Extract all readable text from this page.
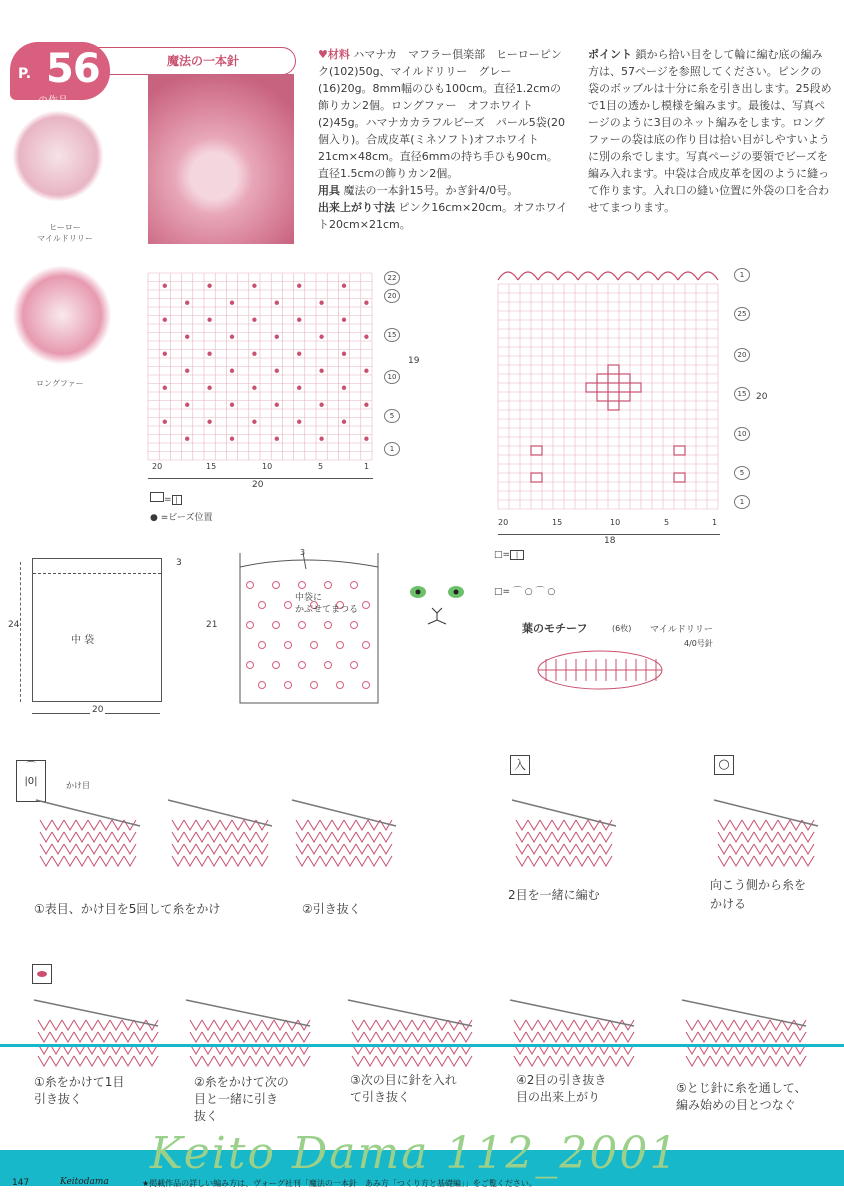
魔法の一本針
P. 56
の作品
ヒーロー
マイルドリリー
ロングファー
♥材料 ハマナカ　マフラー倶楽部　ヒーローピンク(102)50g、マイルドリリー　グレー　(16)20g。8mm幅のひも100cm。直径1.2cmの飾りカン2個。ロングファー　オフホワイト(2)45g。ハマナカカラフルビーズ　パール5袋(20個入り)。合成皮革(ミネソフト)オフホワイト21cm×48cm。直径6mmの持ち手ひも90cm。直径1.5cmの飾りカン2個。
用具 魔法の一本針15号。かぎ針4/0号。
出来上がり寸法 ピンク16cm×20cm。オフホワイト20cm×21cm。
ポイント 鎖から拾い目をして輪に編む底の編み方は、57ページを参照してください。ピンクの袋のボッブルは十分に糸を引き出します。25段めで1目の透かし模様を編みます。最後は、写真ページのように3目のネット編みをします。ロングファーの袋は底の作り目は拾い目がしやすいように別の糸でします。写真ページの要領でビーズを編み入れます。中袋は合成皮革を図のように縫って作ります。入れ口の縫い位置に外袋の口を合わせてまつります。
22
20
15
10
5
1
20	15	10	5	1
19
20
= |
● =ビーズ位置
1
25
20
15
10
5
1
20	15	10	5	1
20
18
□= |
□= ⌒ ○ ⌒ ○
中 袋
24
3
20
3
中袋に
かぶせてまつる
21	葉のモチーフ	(6枚) マイルドリリー
4/0号針
⌒
|0|	かけ目
入	○
①表目、かけ目を5回して糸をかけ	②引き抜く
2目を一緒に編む
向こう側から糸を
かける
①糸をかけて1目
引き抜く
②糸をかけて次の
目と一緒に引き
抜く
③次の目に針を入れ
て引き抜く
④2目の引き抜き
目の出来上がり
⑤とじ針に糸を通して、
編み始めの目とつなぐ
Keito Dama 112_2001
147	Keitodama	★掲載作品の詳しい編み方は、ヴォーグ社刊「魔法の一本針　あみ方「つくり方と基礎編」」をご覧ください。
